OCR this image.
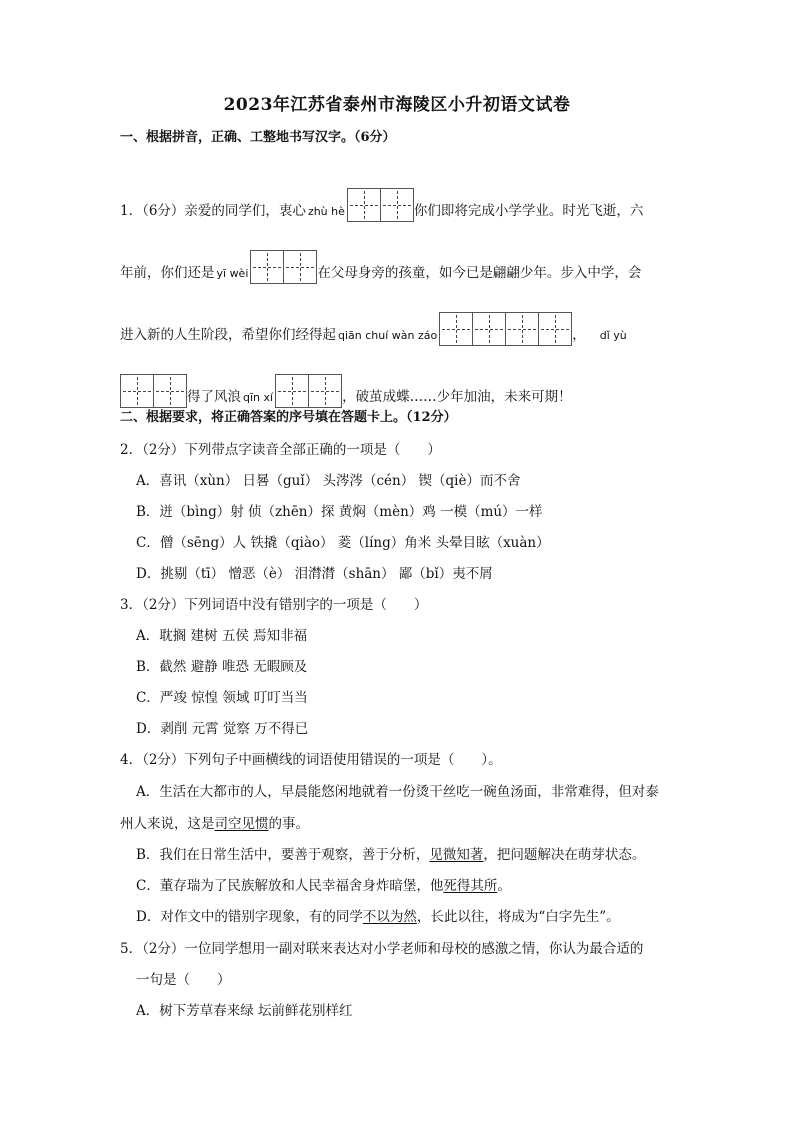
2023年江苏省泰州市海陵区小升初语文试卷
一、根据拼音，正确、工整地书写汉字。（6分）
1．（6分）亲爱的同学们，衷心 zhù hè	你们即将完成小学学业。时光飞逝，六
年前，你们还是 yī wèi	在父母身旁的孩童，如今已是翩翩少年。步入中学，会
进入新的人生阶段，希望你们经得起 qiān chuí wàn záo	， dǐ yù
得了风浪 qīn xí	，破茧成蝶……少年加油，未来可期！
二、根据要求，将正确答案的序号填在答题卡上。（12分）
2．（2分）下列带点字读音全部正确的一项是（　　）
A．喜讯（xùn） 日晷（guǐ） 头涔涔（cén） 锲（qiè）而不舍
B．迸（bìng）射 侦（zhēn）探 黄焖（mèn）鸡 一模（mú）一样
C．僧（sēng）人 铁撬（qiào） 菱（líng）角米 头晕目眩（xuàn）
D．挑剔（tī） 憎恶（è） 泪潸潸（shān） 鄙（bǐ）夷不屑
3．（2分）下列词语中没有错别字的一项是（　　）
A．耽搁 建树 五侯 焉知非福
B．截然 避静 唯恐 无暇顾及
C．严竣 惊惶 领域 叮叮当当
D．剥削 元霄 觉察 万不得已
4．（2分）下列句子中画横线的词语使用错误的一项是（　　）。
A．生活在大都市的人，早晨能悠闲地就着一份烫干丝吃一碗鱼汤面，非常难得，但对泰
州人来说，这是司空见惯的事。
B．我们在日常生活中，要善于观察，善于分析，见微知著，把问题解决在萌芽状态。
C．董存瑞为了民族解放和人民幸福舍身炸暗堡，他死得其所。
D．对作文中的错别字现象，有的同学不以为然，长此以往，将成为“白字先生”。
5．（2分）一位同学想用一副对联来表达对小学老师和母校的感激之情，你认为最合适的
一句是（　　）
A．树下芳草春来绿 坛前鲜花别样红
